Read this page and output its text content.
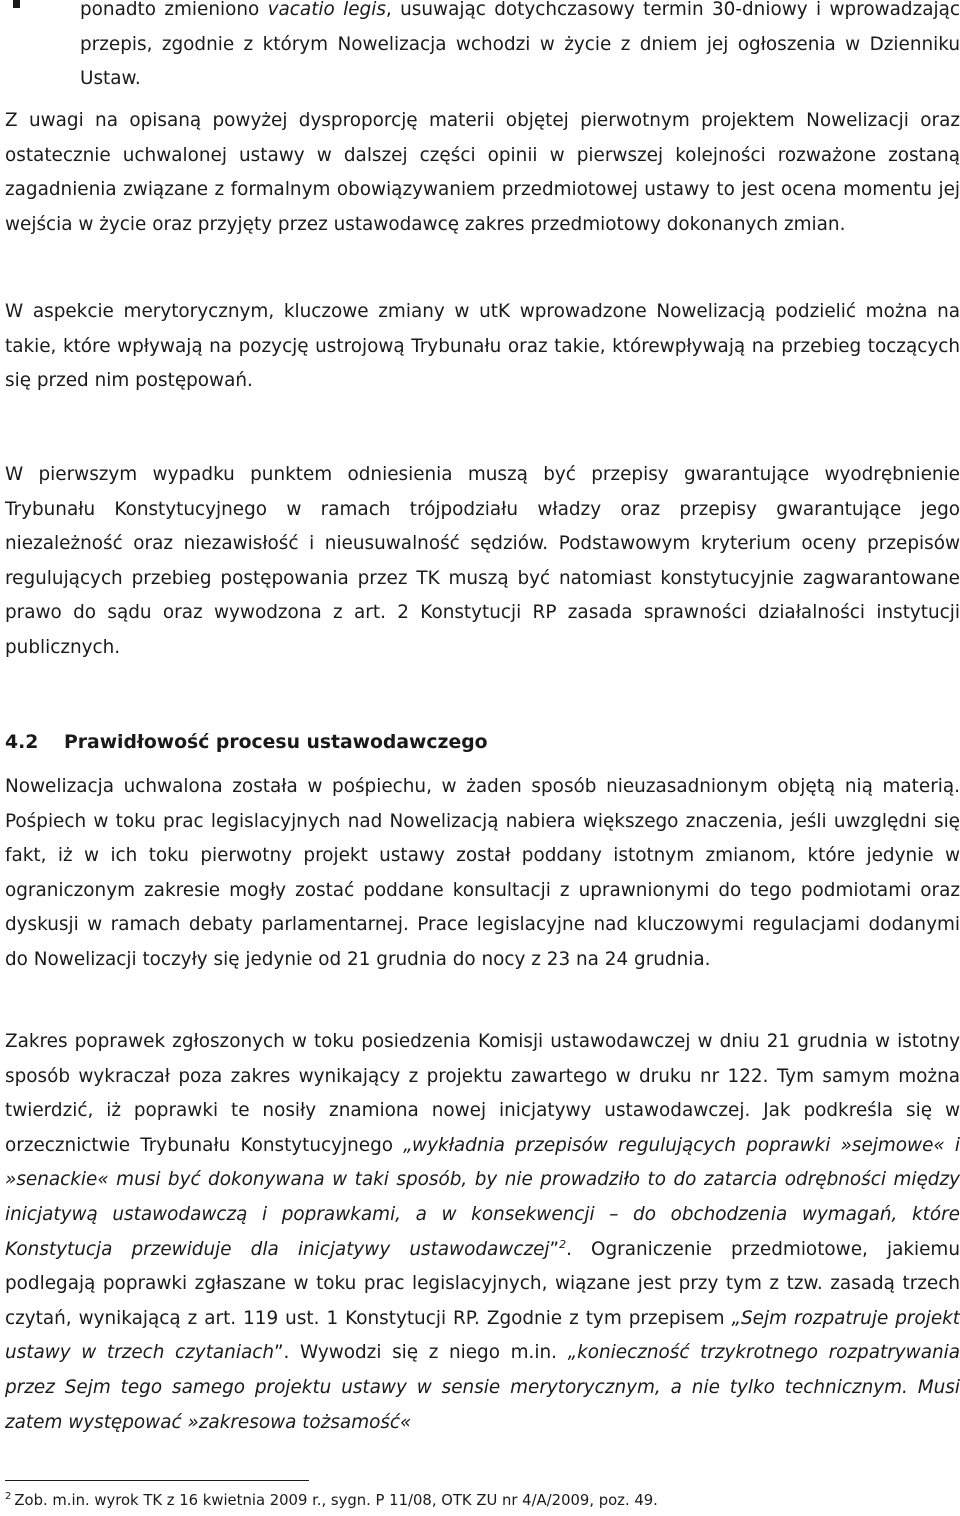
ponadto zmieniono vacatio legis, usuwając dotychczasowy termin 30-dniowy i wprowadzając przepis, zgodnie z którym Nowelizacja wchodzi w życie z dniem jej ogłoszenia w Dzienniku Ustaw.
Z uwagi na opisaną powyżej dysproporcję materii objętej pierwotnym projektem Nowelizacji oraz ostatecznie uchwalonej ustawy w dalszej części opinii w pierwszej kolejności rozważone zostaną zagadnienia związane z formalnym obowiązywaniem przedmiotowej ustawy to jest ocena momentu jej wejścia w życie oraz przyjęty przez ustawodawcę zakres przedmiotowy dokonanych zmian.
W aspekcie merytorycznym, kluczowe zmiany w utK wprowadzone Nowelizacją podzielić można na takie, które wpływają na pozycję ustrojową Trybunału oraz takie, którewpływają na przebieg toczących się przed nim postępowań.
W pierwszym wypadku punktem odniesienia muszą być przepisy gwarantujące wyodrębnienie Trybunału Konstytucyjnego w ramach trójpodziału władzy oraz przepisy gwarantujące jego niezależność oraz niezawisłość i nieusuwalność sędziów. Podstawowym kryterium oceny przepisów regulujących przebieg postępowania przez TK muszą być natomiast konstytucyjnie zagwarantowane prawo do sądu oraz wywodzona z art. 2 Konstytucji RP zasada sprawności działalności instytucji publicznych.
4.2 Prawidłowość procesu ustawodawczego
Nowelizacja uchwalona została w pośpiechu, w żaden sposób nieuzasadnionym objętą nią materią. Pośpiech w toku prac legislacyjnych nad Nowelizacją nabiera większego znaczenia, jeśli uwzględni się fakt, iż w ich toku pierwotny projekt ustawy został poddany istotnym zmianom, które jedynie w ograniczonym zakresie mogły zostać poddane konsultacji z uprawnionymi do tego podmiotami oraz dyskusji w ramach debaty parlamentarnej. Prace legislacyjne nad kluczowymi regulacjami dodanymi do Nowelizacji toczyły się jedynie od 21 grudnia do nocy z 23 na 24 grudnia.
Zakres poprawek zgłoszonych w toku posiedzenia Komisji ustawodawczej w dniu 21 grudnia w istotny sposób wykraczał poza zakres wynikający z projektu zawartego w druku nr 122. Tym samym można twierdzić, iż poprawki te nosiły znamiona nowej inicjatywy ustawodawczej. Jak podkreśla się w orzecznictwie Trybunału Konstytucyjnego „wykładnia przepisów regulujących poprawki »sejmowe« i »senackie« musi być dokonywana w taki sposób, by nie prowadziło to do zatarcia odrębności między inicjatywą ustawodawczą i poprawkami, a w konsekwencji – do obchodzenia wymagań, które Konstytucja przewiduje dla inicjatywy ustawodawczej”$^2$. Ograniczenie przedmiotowe, jakiemu podlegają poprawki zgłaszane w toku prac legislacyjnych, wiązane jest przy tym z tzw. zasadą trzech czytań, wynikającą z art. 119 ust. 1 Konstytucji RP. Zgodnie z tym przepisem „Sejm rozpatruje projekt ustawy w trzech czytaniach”. Wywodzi się z niego m.in. „konieczność trzykrotnego rozpatrywania przez Sejm tego samego projektu ustawy w sensie merytorycznym, a nie tylko technicznym. Musi zatem występować »zakresowa tożsamość«
$^2$ Zob. m.in. wyrok TK z 16 kwietnia 2009 r., sygn. P 11/08, OTK ZU nr 4/A/2009, poz. 49.
